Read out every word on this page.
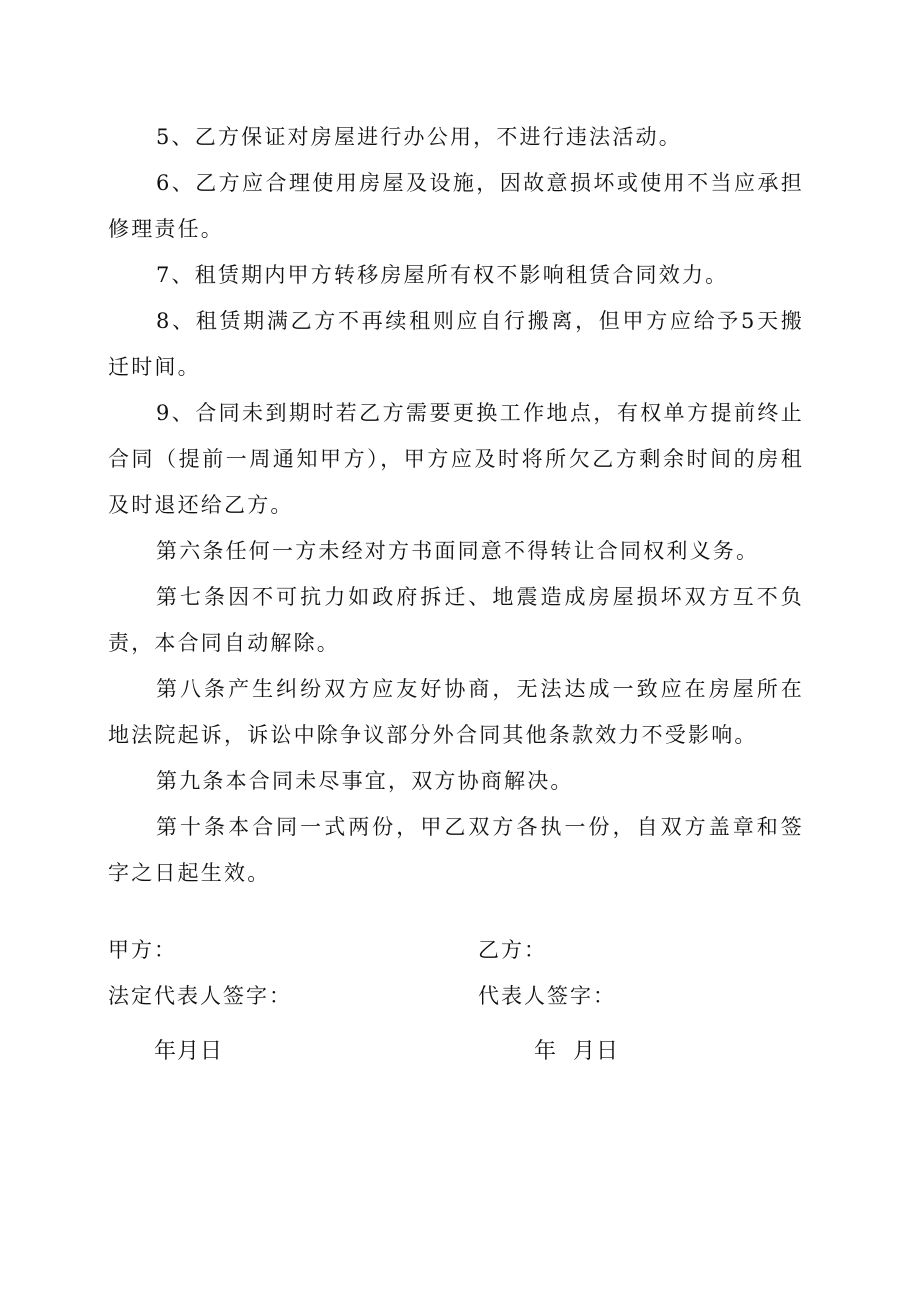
5、乙方保证对房屋进行办公用，不进行违法活动。

6、乙方应合理使用房屋及设施，因故意损坏或使用不当应承担修理责任。

7、租赁期内甲方转移房屋所有权不影响租赁合同效力。

8、租赁期满乙方不再续租则应自行搬离，但甲方应给予5天搬迁时间。

9、合同未到期时若乙方需要更换工作地点，有权单方提前终止合同（提前一周通知甲方），甲方应及时将所欠乙方剩余时间的房租及时退还给乙方。

第六条任何一方未经对方书面同意不得转让合同权利义务。

第七条因不可抗力如政府拆迁、地震造成房屋损坏双方互不负责，本合同自动解除。

第八条产生纠纷双方应友好协商，无法达成一致应在房屋所在地法院起诉，诉讼中除争议部分外合同其他条款效力不受影响。

第九条本合同未尽事宜，双方协商解决。

第十条本合同一式两份，甲乙双方各执一份，自双方盖章和签字之日起生效。

甲方：	乙方：
法定代表人签字：	代表人签字：
年月日	年  月日
